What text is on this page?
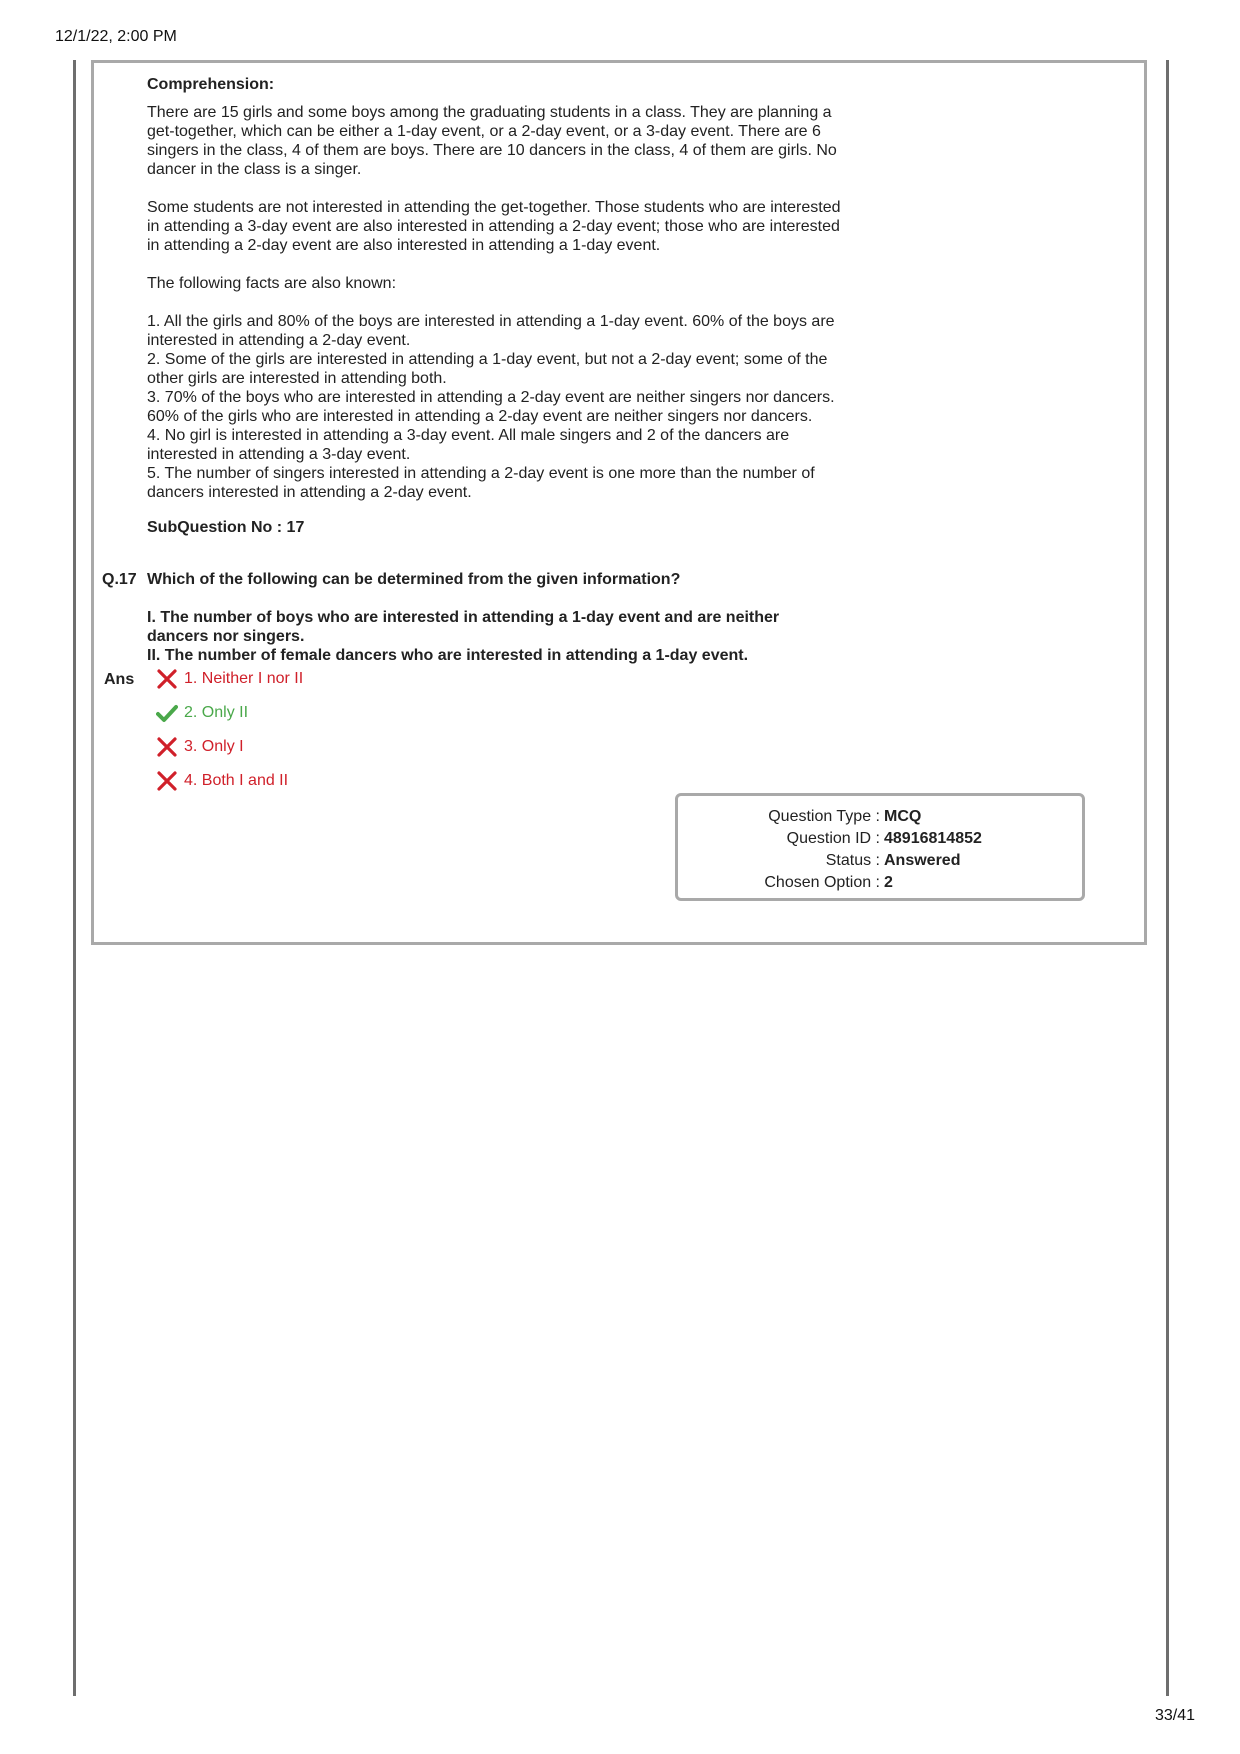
12/1/22, 2:00 PM

Comprehension:

There are 15 girls and some boys among the graduating students in a class. They are planning a get-together, which can be either a 1-day event, or a 2-day event, or a 3-day event. There are 6 singers in the class, 4 of them are boys. There are 10 dancers in the class, 4 of them are girls. No dancer in the class is a singer.

Some students are not interested in attending the get-together. Those students who are interested in attending a 3-day event are also interested in attending a 2-day event; those who are interested in attending a 2-day event are also interested in attending a 1-day event.

The following facts are also known:

1. All the girls and 80% of the boys are interested in attending a 1-day event. 60% of the boys are interested in attending a 2-day event.
2. Some of the girls are interested in attending a 1-day event, but not a 2-day event; some of the other girls are interested in attending both.
3. 70% of the boys who are interested in attending a 2-day event are neither singers nor dancers. 60% of the girls who are interested in attending a 2-day event are neither singers nor dancers.
4. No girl is interested in attending a 3-day event. All male singers and 2 of the dancers are interested in attending a 3-day event.
5. The number of singers interested in attending a 2-day event is one more than the number of dancers interested in attending a 2-day event.

SubQuestion No : 17

Q.17 Which of the following can be determined from the given information?

I. The number of boys who are interested in attending a 1-day event and are neither dancers nor singers.

II. The number of female dancers who are interested in attending a 1-day event.

Ans	1. Neither I nor II
2. Only II
3. Only I
4. Both I and II
Question Type :	MCQ
Question ID :	48916814852
Status :	Answered
Chosen Option :	2
33/41
